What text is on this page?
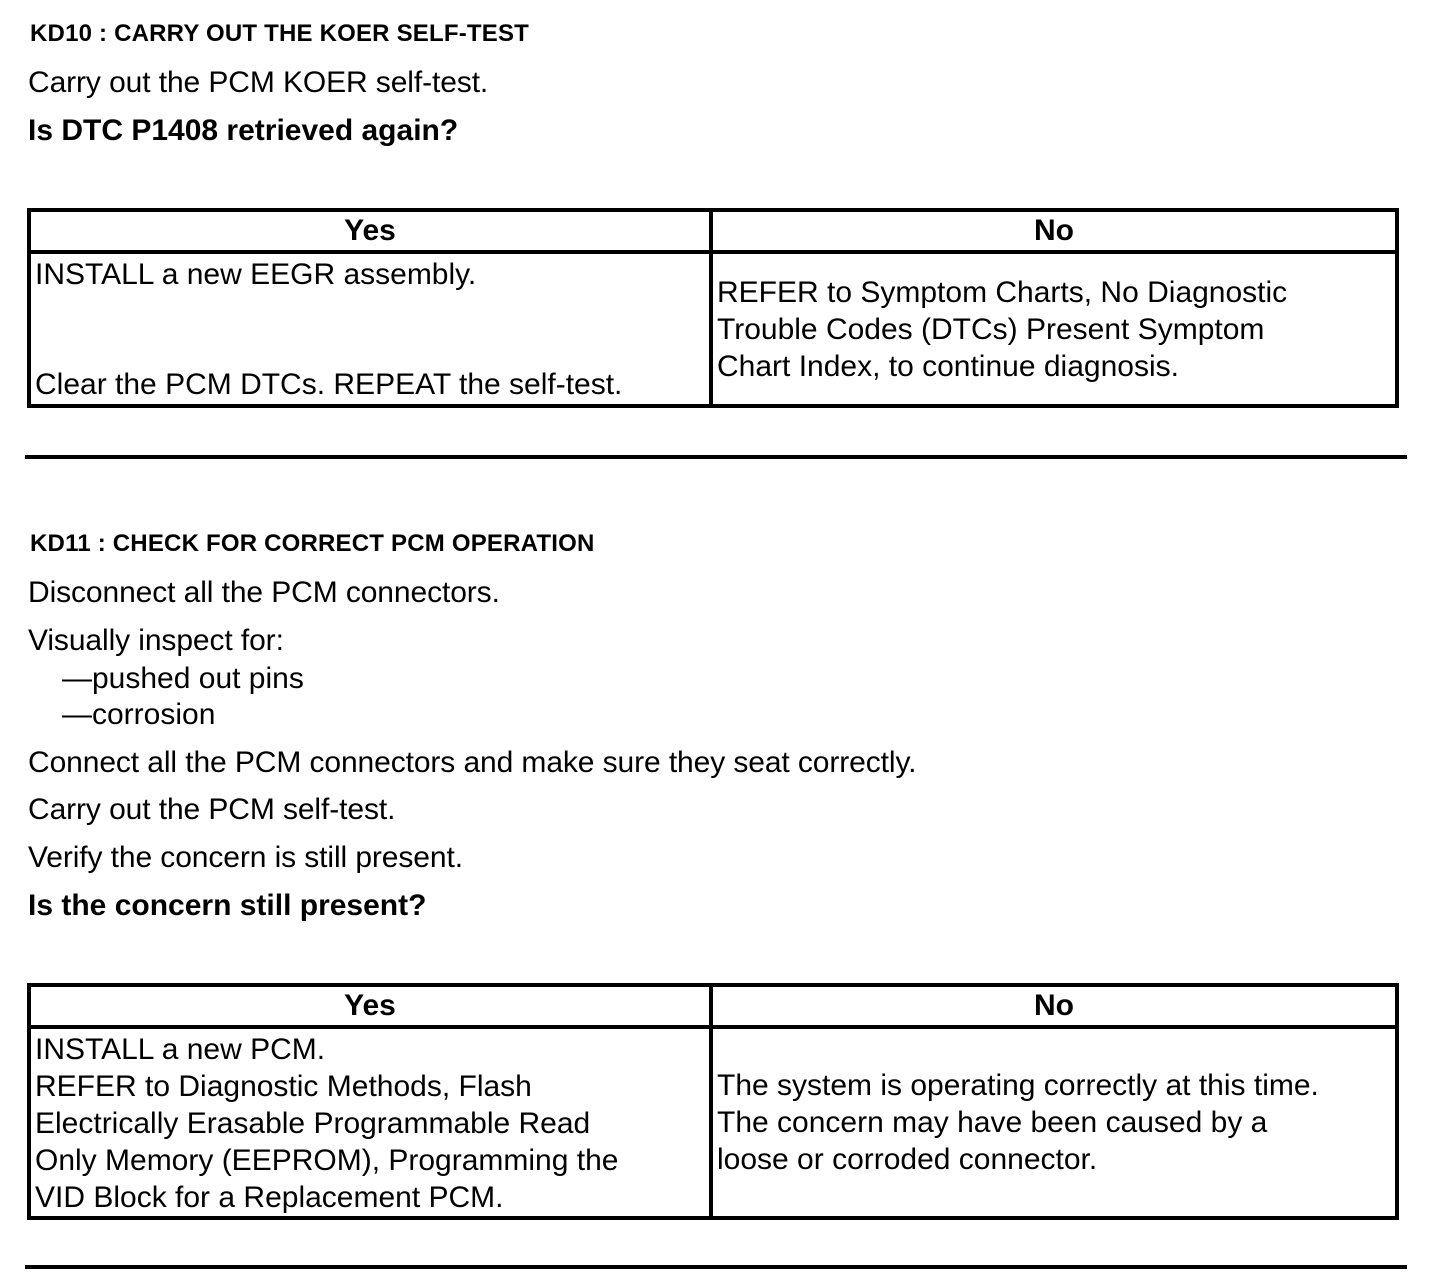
KD10 : CARRY OUT THE KOER SELF-TEST
Carry out the PCM KOER self-test.
Is DTC P1408 retrieved again?
Yes	No

INSTALL a new EEGR assembly.
Clear the PCM DTCs. REPEAT the self-test.	REFER to Symptom Charts, No Diagnostic
Trouble Codes (DTCs) Present Symptom
Chart Index, to continue diagnosis.
KD11 : CHECK FOR CORRECT PCM OPERATION
Disconnect all the PCM connectors.
Visually inspect for:
—pushed out pins
—corrosion
Connect all the PCM connectors and make sure they seat correctly.
Carry out the PCM self-test.
Verify the concern is still present.
Is the concern still present?
Yes	No

INSTALL a new PCM.
REFER to Diagnostic Methods, Flash
Electrically Erasable Programmable Read
Only Memory (EEPROM), Programming the
VID Block for a Replacement PCM.	The system is operating correctly at this time.
The concern may have been caused by a
loose or corroded connector.
